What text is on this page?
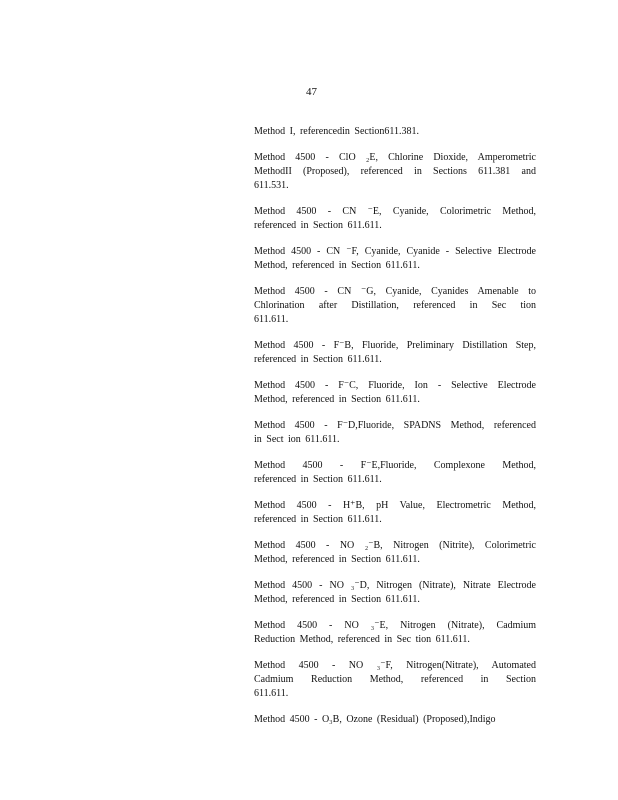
47
Method I, referencedin Section611.381.
Method 4500 - ClO ₂E, Chlorine Dioxide, Amperometric
MethodII (Proposed), referenced in Sections 611.381 and
611.531.
Method 4500 - CN ⁻E, Cyanide, Colorimetric Method,
referenced in Section 611.611.
Method 4500 - CN ⁻F, Cyanide, Cyanide - Selective Electrode
Method, referenced in Section 611.611.
Method 4500 - CN ⁻G, Cyanide, Cyanides Amenable to
Chlorination after Distillation, referenced in Sec tion
611.611.
Method 4500 - F⁻B, Fluoride, Preliminary Distillation Step,
referenced in Section 611.611.
Method 4500 - F⁻C, Fluoride, Ion - Selective Electrode
Method, referenced in Section 611.611.
Method 4500 - F⁻D,Fluoride, SPADNS Method, referenced
in Sect ion 611.611.
Method 4500 - F⁻E,Fluoride, Complexone Method,
referenced in Section 611.611.
Method 4500 - H⁺B, pH Value, Electrometric Method,
referenced in Section 611.611.
Method 4500 - NO ₂⁻B, Nitrogen (Nitrite), Colorimetric
Method, referenced in Section 611.611.
Method 4500 - NO ₃⁻D, Nitrogen (Nitrate), Nitrate Electrode
Method, referenced in Section 611.611.
Method 4500 - NO ₃⁻E, Nitrogen (Nitrate), Cadmium
Reduction Method, referenced in Sec tion 611.611.
Method 4500 - NO ₃⁻F, Nitrogen(Nitrate), Automated
Cadmium Reduction Method, referenced in Section
611.611.
Method 4500 - O₃B, Ozone (Residual) (Proposed),Indigo
